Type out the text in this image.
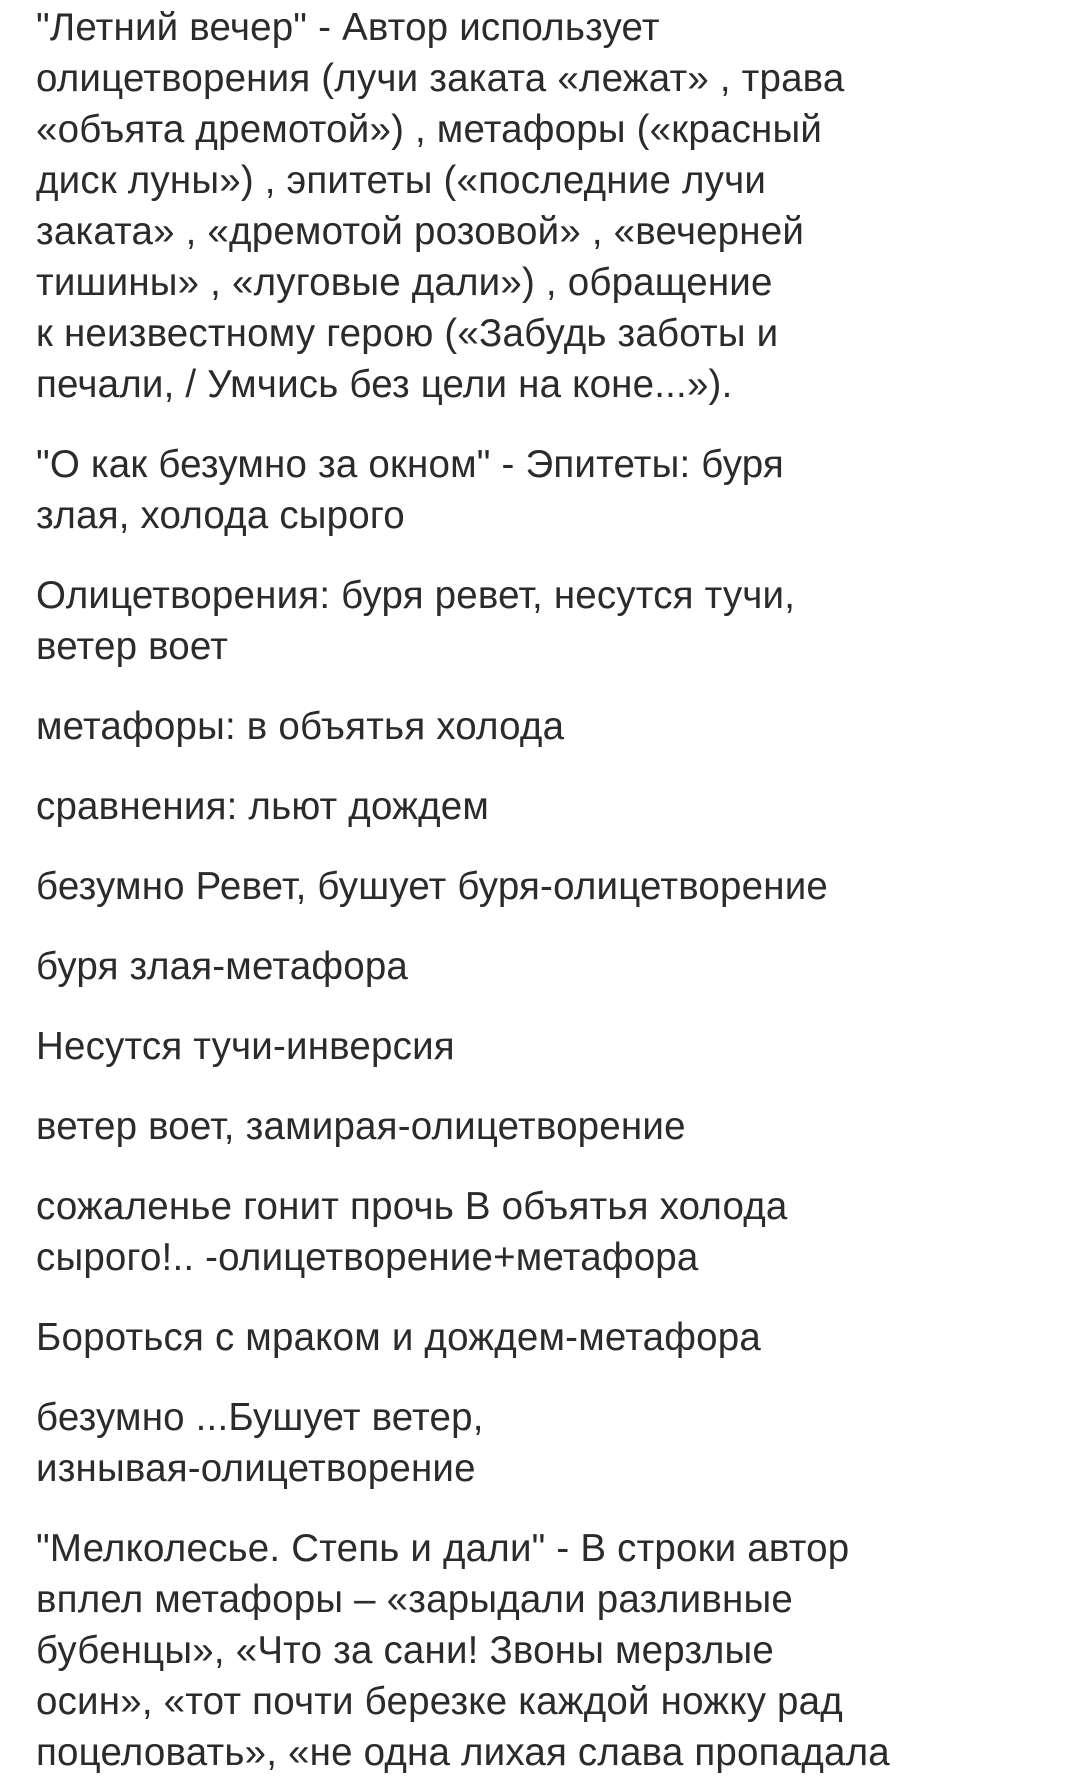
"Летний вечер" - Автор использует
олицетворения (лучи заката «лежат» , трава
«объята дремотой») , метафоры («красный
диск луны») , эпитеты («последние лучи
заката» , «дремотой розовой» , «вечерней
тишины» , «луговые дали») , обращение
к неизвестному герою («Забудь заботы и
печали, / Умчись без цели на коне...»).
"О как безумно за окном" - Эпитеты: буря
злая, холода сырого
Олицетворения: буря ревет, несутся тучи,
ветер воет
метафоры: в объятья холода
сравнения: льют дождем
безумно Ревет, бушует буря-олицетворение
буря злая-метафора
Несутся тучи-инверсия
ветер воет, замирая-олицетворение
сожаленье гонит прочь В объятья холода
сырого!.. -олицетворение+метафора
Бороться с мраком и дождем-метафора
безумно ...Бушует ветер,
изнывая-олицетворение
"Мелколесье. Степь и дали" - В строки автор
вплел метафоры – «зарыдали разливные
бубенцы», «Что за сани! Звоны мерзлые
осин», «тот почти березке каждой ножку рад
поцеловать», «не одна лихая слава пропадала
